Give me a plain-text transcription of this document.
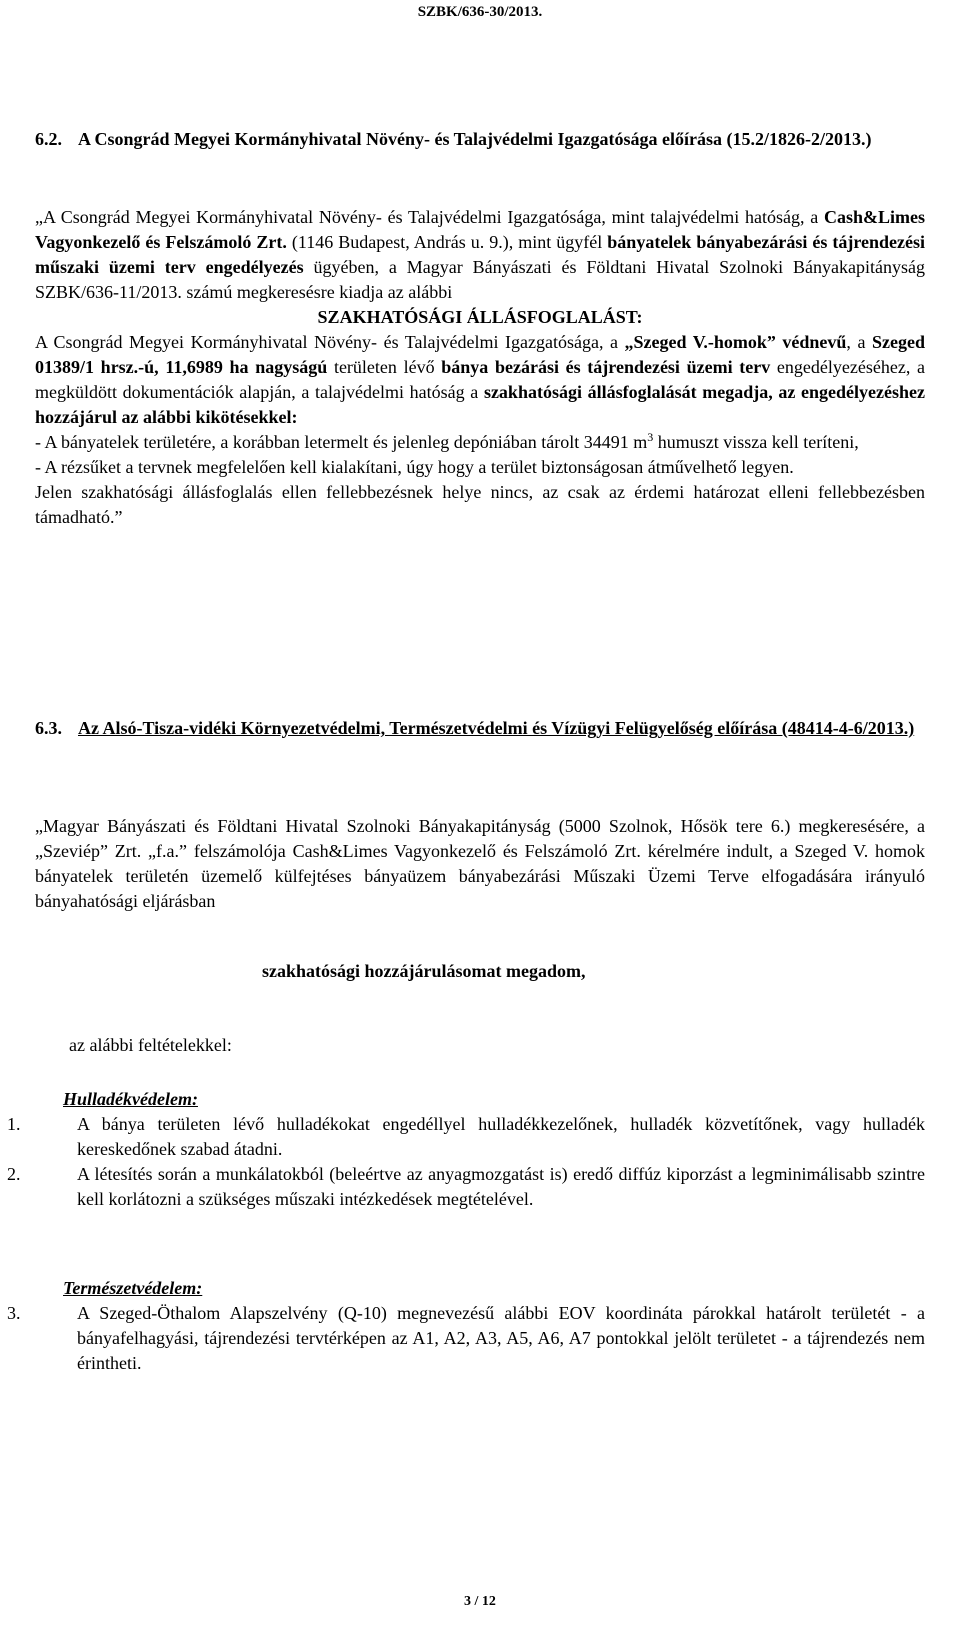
SZBK/636-30/2013.
6.2. A Csongrád Megyei Kormányhivatal Növény- és Talajvédelmi Igazgatósága előírása (15.2/1826-2/2013.)
„A Csongrád Megyei Kormányhivatal Növény- és Talajvédelmi Igazgatósága, mint talajvédelmi hatóság, a Cash&Limes Vagyonkezelő és Felszámoló Zrt. (1146 Budapest, András u. 9.), mint ügyfél bányatelek bányabezárási és tájrendezési műszaki üzemi terv engedélyezés ügyében, a Magyar Bányászati és Földtani Hivatal Szolnoki Bányakapitányság SZBK/636-11/2013. számú megkeresésre kiadja az alábbi
SZAKHATÓSÁGI ÁLLÁSFOGLALÁST:
A Csongrád Megyei Kormányhivatal Növény- és Talajvédelmi Igazgatósága, a „Szeged V.-homok” védnevű, a Szeged 01389/1 hrsz.-ú, 11,6989 ha nagyságú területen lévő bánya bezárási és tájrendezési üzemi terv engedélyezéséhez, a megküldött dokumentációk alapján, a talajvédelmi hatóság a szakhatósági állásfoglalását megadja, az engedélyezéshez hozzájárul az alábbi kikötésekkel:
- A bányatelek területére, a korábban letermelt és jelenleg depóniában tárolt 34491 $m^3$ humuszt vissza kell teríteni,
- A rézsűket a tervnek megfelelően kell kialakítani, úgy hogy a terület biztonságosan átművelhető legyen.
Jelen szakhatósági állásfoglalás ellen fellebbezésnek helye nincs, az csak az érdemi határozat elleni fellebbezésben támadható.”
6.3. Az Alsó-Tisza-vidéki Környezetvédelmi, Természetvédelmi és Vízügyi Felügyelőség előírása (48414-4-6/2013.)
„Magyar Bányászati és Földtani Hivatal Szolnoki Bányakapitányság (5000 Szolnok, Hősök tere 6.) megkeresésére, a „Szeviép” Zrt. „f.a.” felszámolója Cash&Limes Vagyonkezelő és Felszámoló Zrt. kérelmére indult, a Szeged V. homok bányatelek területén üzemelő külfejtéses bányaüzem bányabezárási Műszaki Üzemi Terve elfogadására irányuló bányahatósági eljárásban
szakhatósági hozzájárulásomat megadom,
az alábbi feltételekkel:
Hulladékvédelem:
1.	A bánya területen lévő hulladékokat engedéllyel hulladékkezelőnek, hulladék közvetítőnek, vagy hulladék kereskedőnek szabad átadni.
2.	A létesítés során a munkálatokból (beleértve az anyagmozgatást is) eredő diffúz kiporzást a legminimálisabb szintre kell korlátozni a szükséges műszaki intézkedések megtételével.
Természetvédelem:
3.	A Szeged-Öthalom Alapszelvény (Q-10) megnevezésű alábbi EOV koordináta párokkal határolt területét - a bányafelhagyási, tájrendezési tervtérképen az A1, A2, A3, A5, A6, A7 pontokkal jelölt területet - a tájrendezés nem érintheti.
3 / 12
